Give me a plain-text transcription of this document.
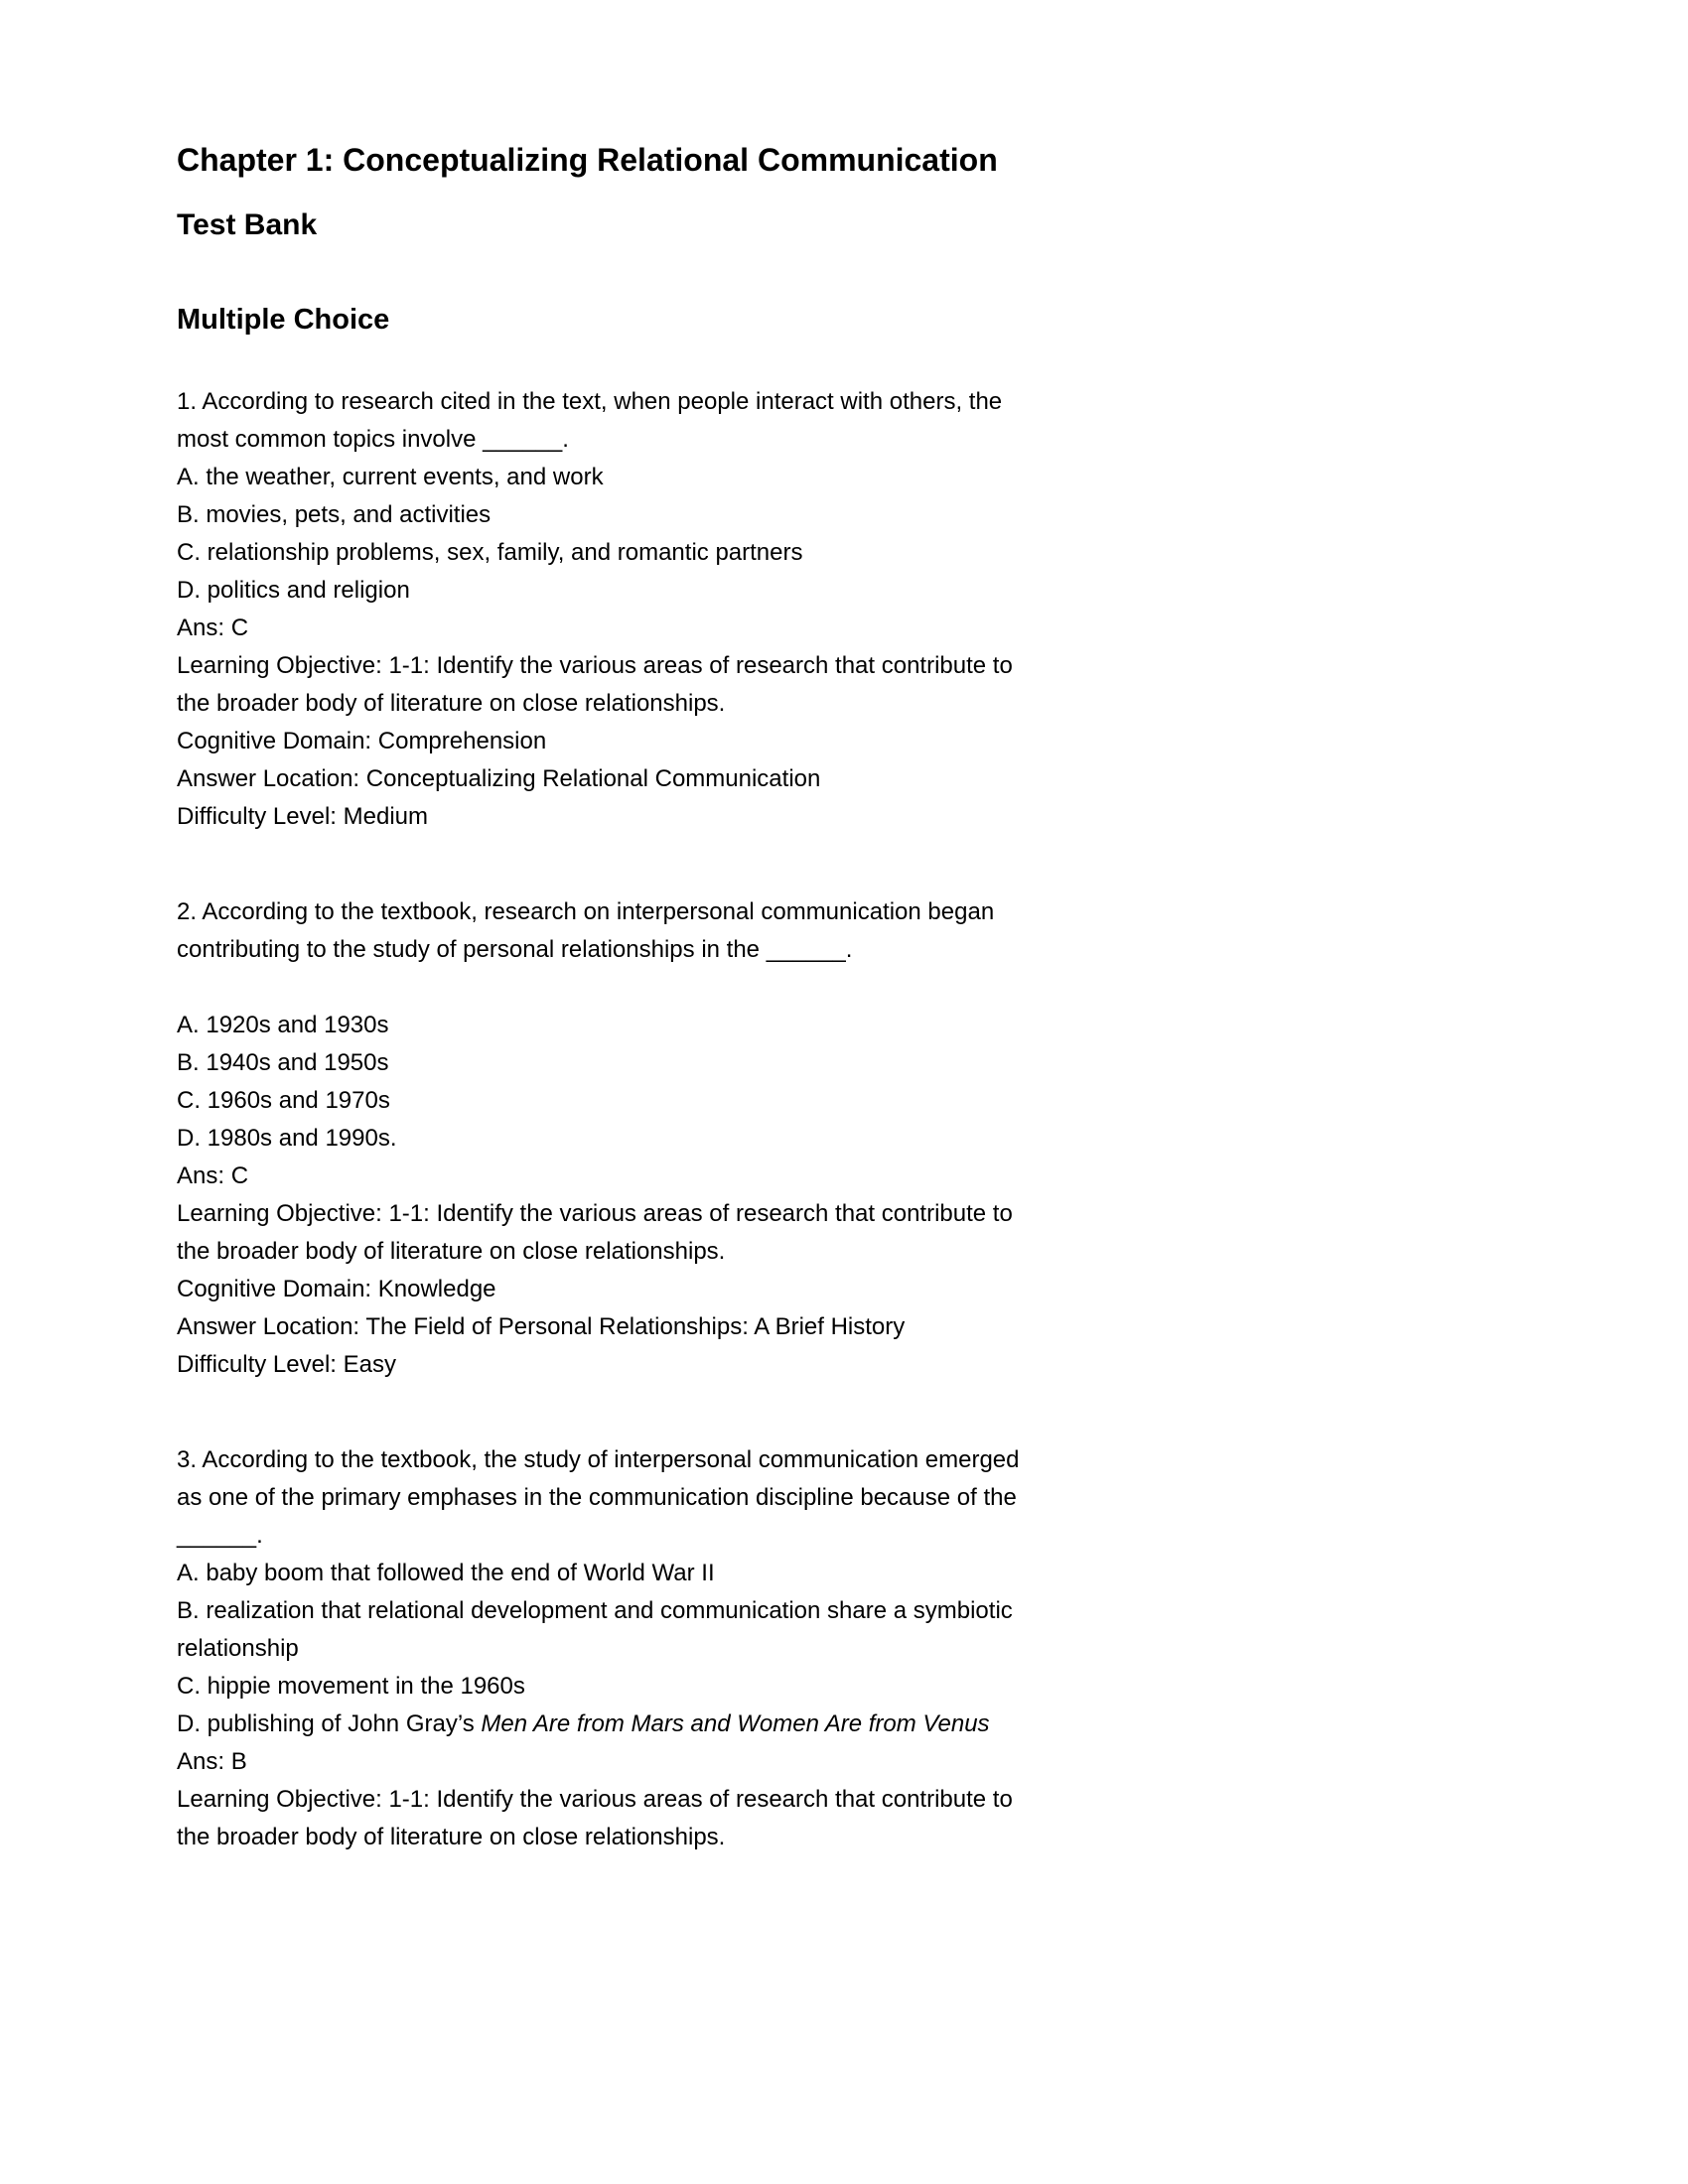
Chapter 1: Conceptualizing Relational Communication
Test Bank
Multiple Choice
1. According to research cited in the text, when people interact with others, the
most common topics involve ______.
A. the weather, current events, and work
B. movies, pets, and activities
C. relationship problems, sex, family, and romantic partners
D. politics and religion
Ans: C
Learning Objective: 1-1: Identify the various areas of research that contribute to
the broader body of literature on close relationships.
Cognitive Domain: Comprehension
Answer Location: Conceptualizing Relational Communication
Difficulty Level: Medium
2. According to the textbook, research on interpersonal communication began
contributing to the study of personal relationships in the ______.

A. 1920s and 1930s
B. 1940s and 1950s
C. 1960s and 1970s
D. 1980s and 1990s.
Ans: C
Learning Objective: 1-1: Identify the various areas of research that contribute to
the broader body of literature on close relationships.
Cognitive Domain: Knowledge
Answer Location: The Field of Personal Relationships: A Brief History
Difficulty Level: Easy
3. According to the textbook, the study of interpersonal communication emerged
as one of the primary emphases in the communication discipline because of the
______.
A. baby boom that followed the end of World War II
B. realization that relational development and communication share a symbiotic
relationship
C. hippie movement in the 1960s
D. publishing of John Gray’s Men Are from Mars and Women Are from Venus
Ans: B
Learning Objective: 1-1: Identify the various areas of research that contribute to
the broader body of literature on close relationships.
